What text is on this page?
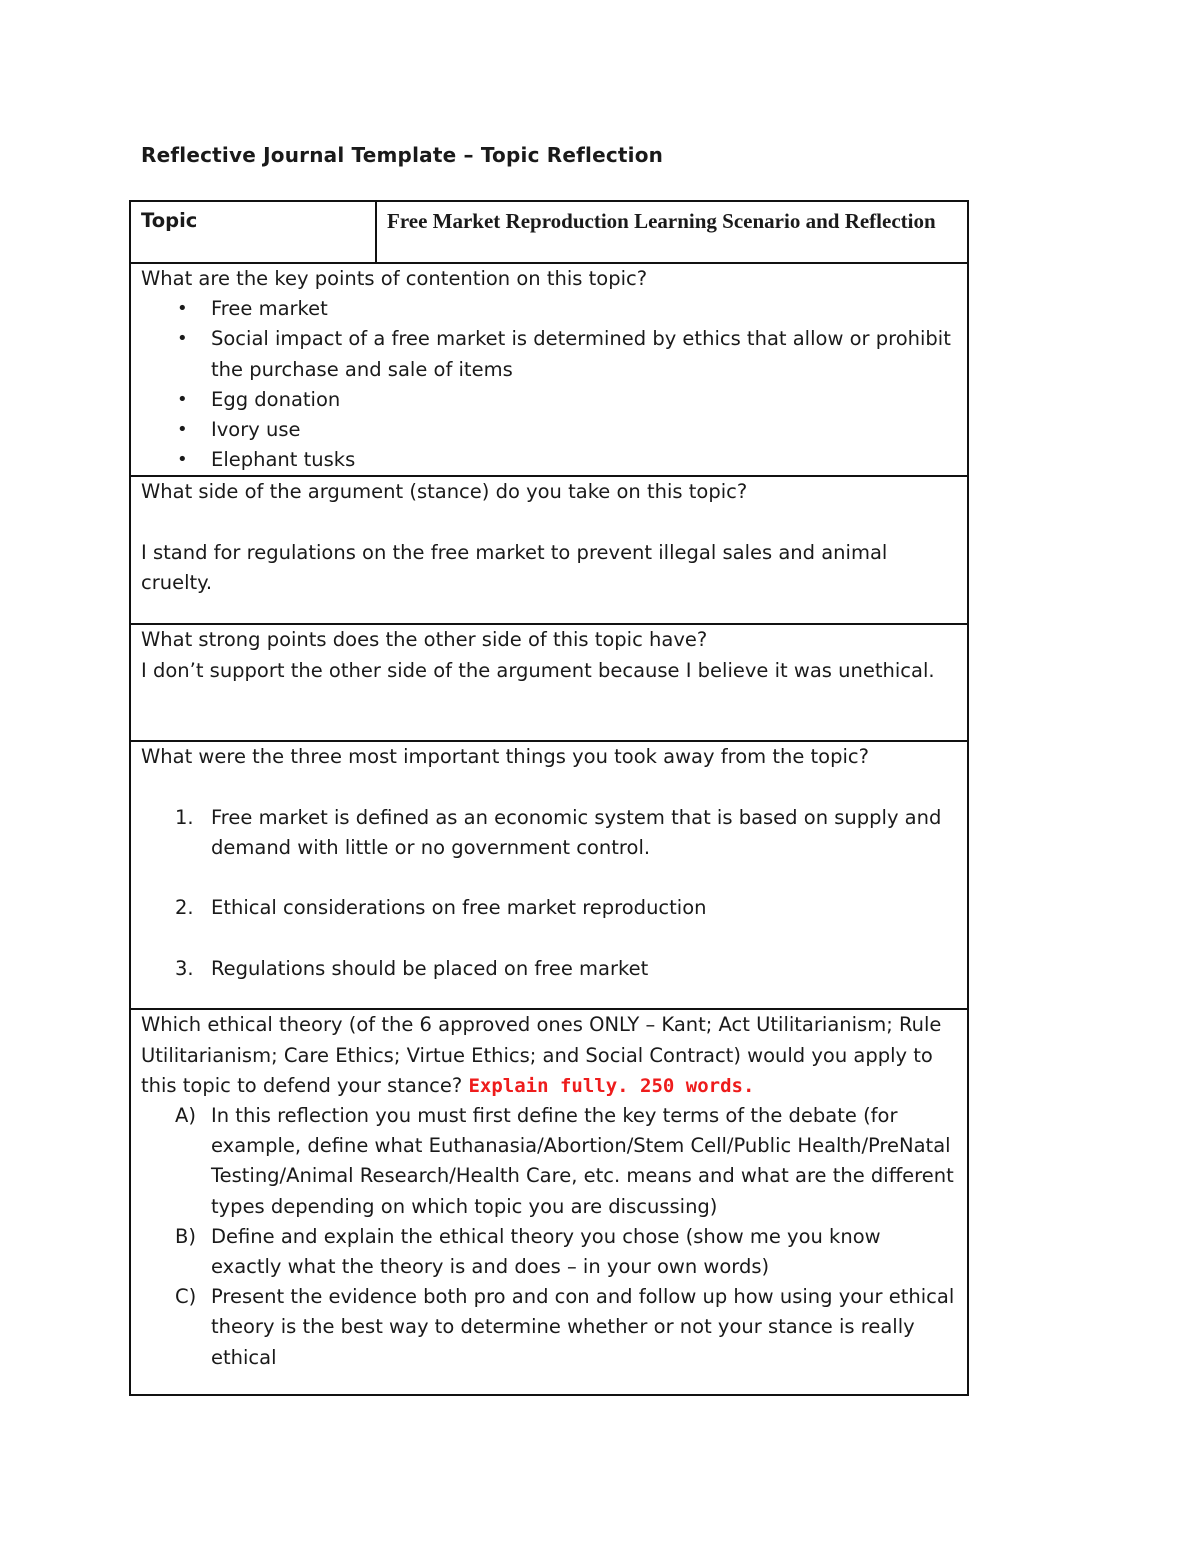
Reflective Journal Template – Topic Reflection
Topic	Free Market Reproduction Learning Scenario and Reflection

What are the key points of contention on this topic?

• Free market
• Social impact of a free market is determined by ethics that allow or prohibit the purchase and sale of items
• Egg donation
• Ivory use
• Elephant tusks

What side of the argument (stance) do you take on this topic?

I stand for regulations on the free market to prevent illegal sales and animal cruelty.

What strong points does the other side of this topic have?

I don’t support the other side of the argument because I believe it was unethical.

What were the three most important things you took away from the topic?

1. Free market is defined as an economic system that is based on supply and demand with little or no government control.
2. Ethical considerations on free market reproduction
3. Regulations should be placed on free market

Which ethical theory (of the 6 approved ones ONLY – Kant; Act Utilitarianism; Rule Utilitarianism; Care Ethics; Virtue Ethics; and Social Contract) would you apply to this topic to defend your stance? Explain fully. 250 words.

A) In this reflection you must first define the key terms of the debate (for example, define what Euthanasia/Abortion/Stem Cell/Public Health/PreNatal Testing/Animal Research/Health Care, etc. means and what are the different types depending on which topic you are discussing)
B) Define and explain the ethical theory you chose (show me you know exactly what the theory is and does – in your own words)
C) Present the evidence both pro and con and follow up how using your ethical theory is the best way to determine whether or not your stance is really ethical
